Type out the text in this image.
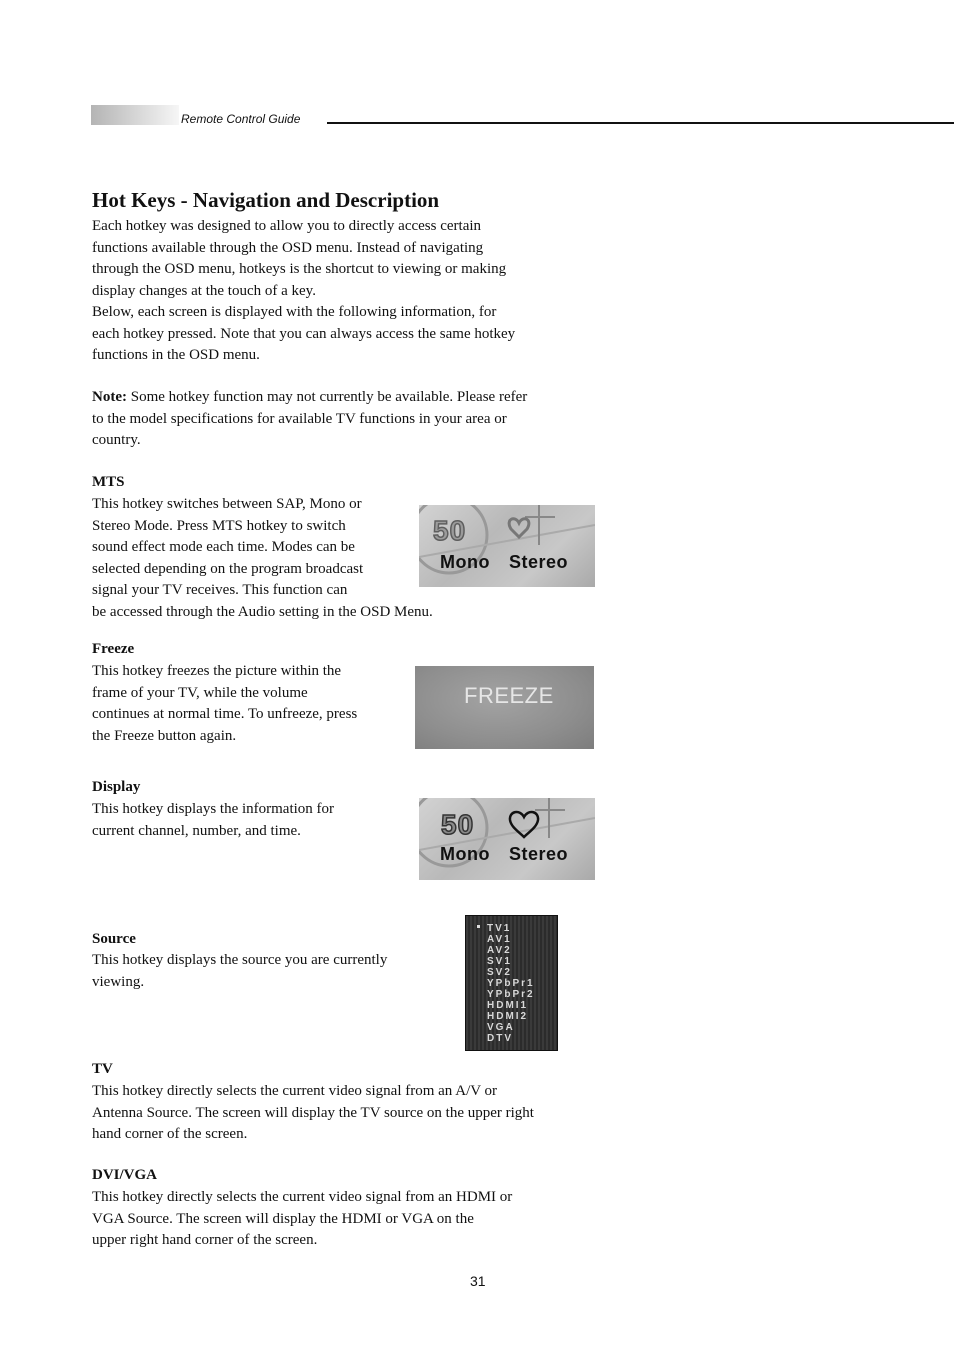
Remote Control Guide
Hot Keys - Navigation and Description
Each hotkey was designed to allow you to directly access certain
functions available through the OSD menu. Instead of navigating
through the OSD menu, hotkeys is the shortcut to viewing or making
display changes at the touch of a key.
Below, each screen is displayed with the following information, for
each hotkey pressed. Note that you can always access the same hotkey
functions in the OSD menu.
Note: Some hotkey function may not currently be available. Please refer
to the model specifications for available TV functions in your area or
country.
MTS
This hotkey switches between SAP, Mono or
Stereo Mode. Press MTS hotkey to switch
sound effect mode each time. Modes can be
selected depending on the program broadcast
signal your TV receives. This function can
be accessed through the Audio setting in the OSD Menu.
50
Mono Stereo
Freeze
This hotkey freezes the picture within the
frame of your TV, while the volume
continues at normal time. To unfreeze, press
the Freeze button again.
FREEZE
Display
This hotkey displays the information for
current channel, number, and time.	50
Mono Stereo
Source
This hotkey displays the source you are currently
viewing.
TV1
AV1
AV2
SV1
SV2
YPbPr1
YPbPr2
HDMI1
HDMI2
VGA
DTV
TV
This hotkey directly selects the current video signal from an A/V or
Antenna Source. The screen will display the TV source on the upper right
hand corner of the screen.
DVI/VGA
This hotkey directly selects the current video signal from an HDMI or
VGA Source. The screen will display the HDMI or VGA on the
upper right hand corner of the screen.
31
